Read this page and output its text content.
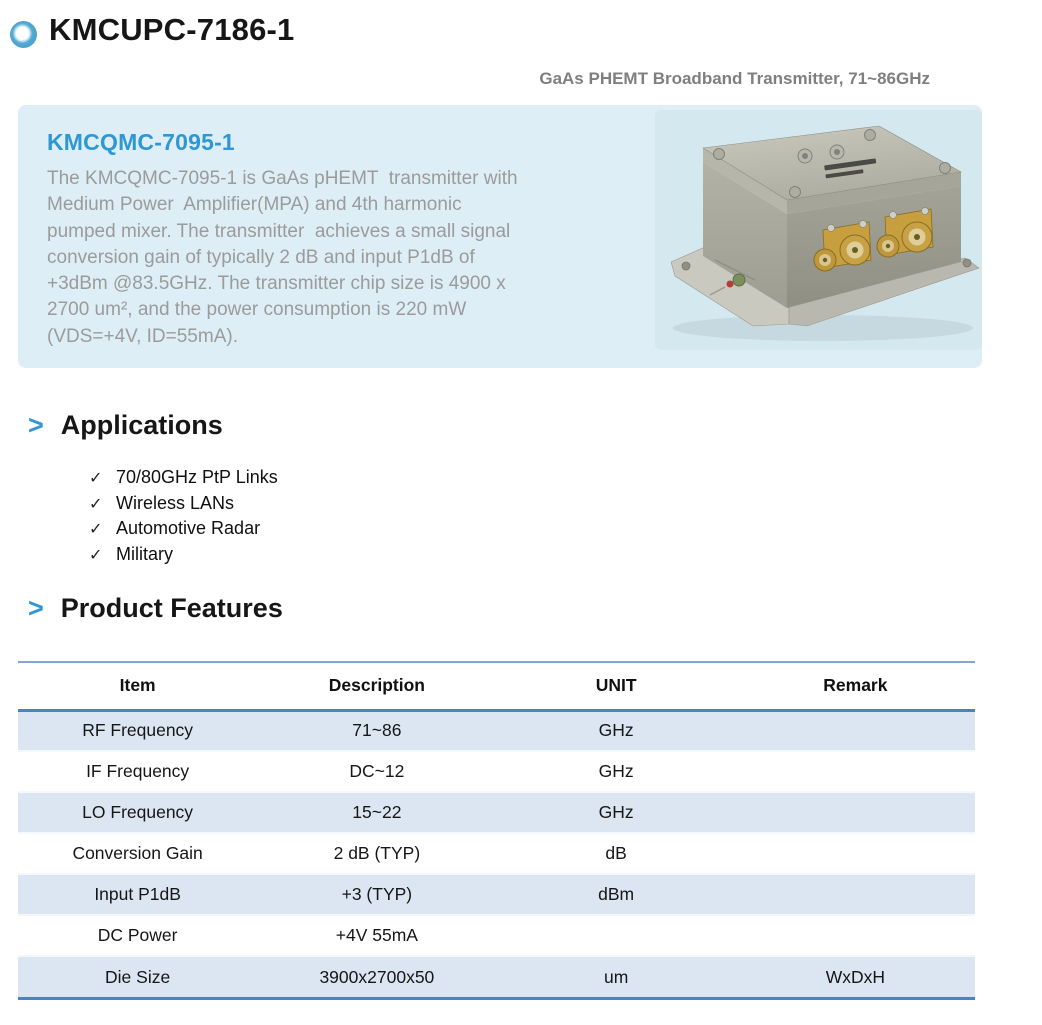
KMCUPC-7186-1
GaAs PHEMT Broadband Transmitter, 71~86GHz
KMCQMC-7095-1
The KMCQMC-7095-1 is GaAs pHEMT  transmitter with
Medium Power  Amplifier(MPA) and 4th harmonic
pumped mixer. The transmitter  achieves a small signal
conversion gain of typically 2 dB and input P1dB of
+3dBm @83.5GHz. The transmitter chip size is 4900 x
2700 um², and the power consumption is 220 mW
(VDS=+4V, ID=55mA).
> Applications
✓ 70/80GHz PtP Links
✓ Wireless LANs
✓ Automotive Radar
✓ Military
> Product Features
Item	Description	UNIT	Remark
RF Frequency	71~86	GHz	
IF Frequency	DC~12	GHz	
LO Frequency	15~22	GHz	
Conversion Gain	2 dB (TYP)	dB	
Input P1dB	+3 (TYP)	dBm	
DC Power	+4V 55mA		
Die Size	3900x2700x50	um	WxDxH
